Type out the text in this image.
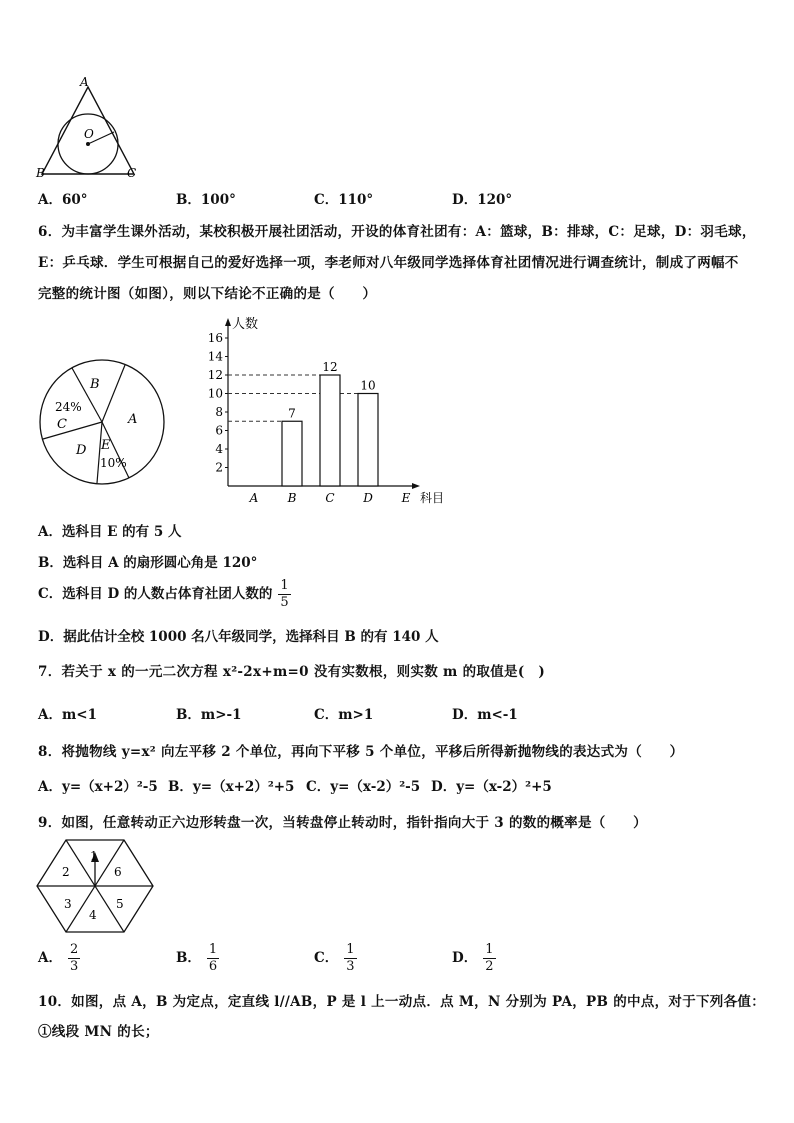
A
O
B	C
A．60°	B．100°	C．110°	D．120°
6．为丰富学生课外活动，某校积极开展社团活动，开设的体育社团有：A：篮球，B：排球，C：足球，D：羽毛球，
E：乒乓球．学生可根据自己的爱好选择一项，李老师对八年级同学选择体育社团情况进行调查统计，制成了两幅不
完整的统计图（如图），则以下结论不正确的是（　　）
B
A
24%
C
D E
10%
人数
科目
2
4
6
8
10
12
14
16
A B
7
C
12
D
10
E
A．选科目 E 的有 5 人
B．选科目 A 的扇形圆心角是 120°
C．选科目 D 的人数占体育社团人数的 $\frac{1}{5}$
D．据此估计全校 1000 名八年级同学，选择科目 B 的有 140 人
7．若关于 x 的一元二次方程 x²-2x+m=0 没有实数根，则实数 m 的取值是(　)
A．m<1	B．m>-1	C．m>1	D．m<-1
8．将抛物线 y=x² 向左平移 2 个单位，再向下平移 5 个单位，平移后所得新抛物线的表达式为（　　）
A．y=（x+2）²-5 B．y=（x+2）²+5 C．y=（x-2）²-5 D．y=（x-2）²+5
9．如图，任意转动正六边形转盘一次，当转盘停止转动时，指针指向大于 3 的数的概率是（　　）
1
2
3
4
5
6
A． $\frac{2}{3}$	B． $\frac{1}{6}$	C． $\frac{1}{3}$	D． $\frac{1}{2}$
10．如图，点 A，B 为定点，定直线 l//AB，P 是 l 上一动点．点 M，N 分别为 PA，PB 的中点，对于下列各值：
①线段 MN 的长；
